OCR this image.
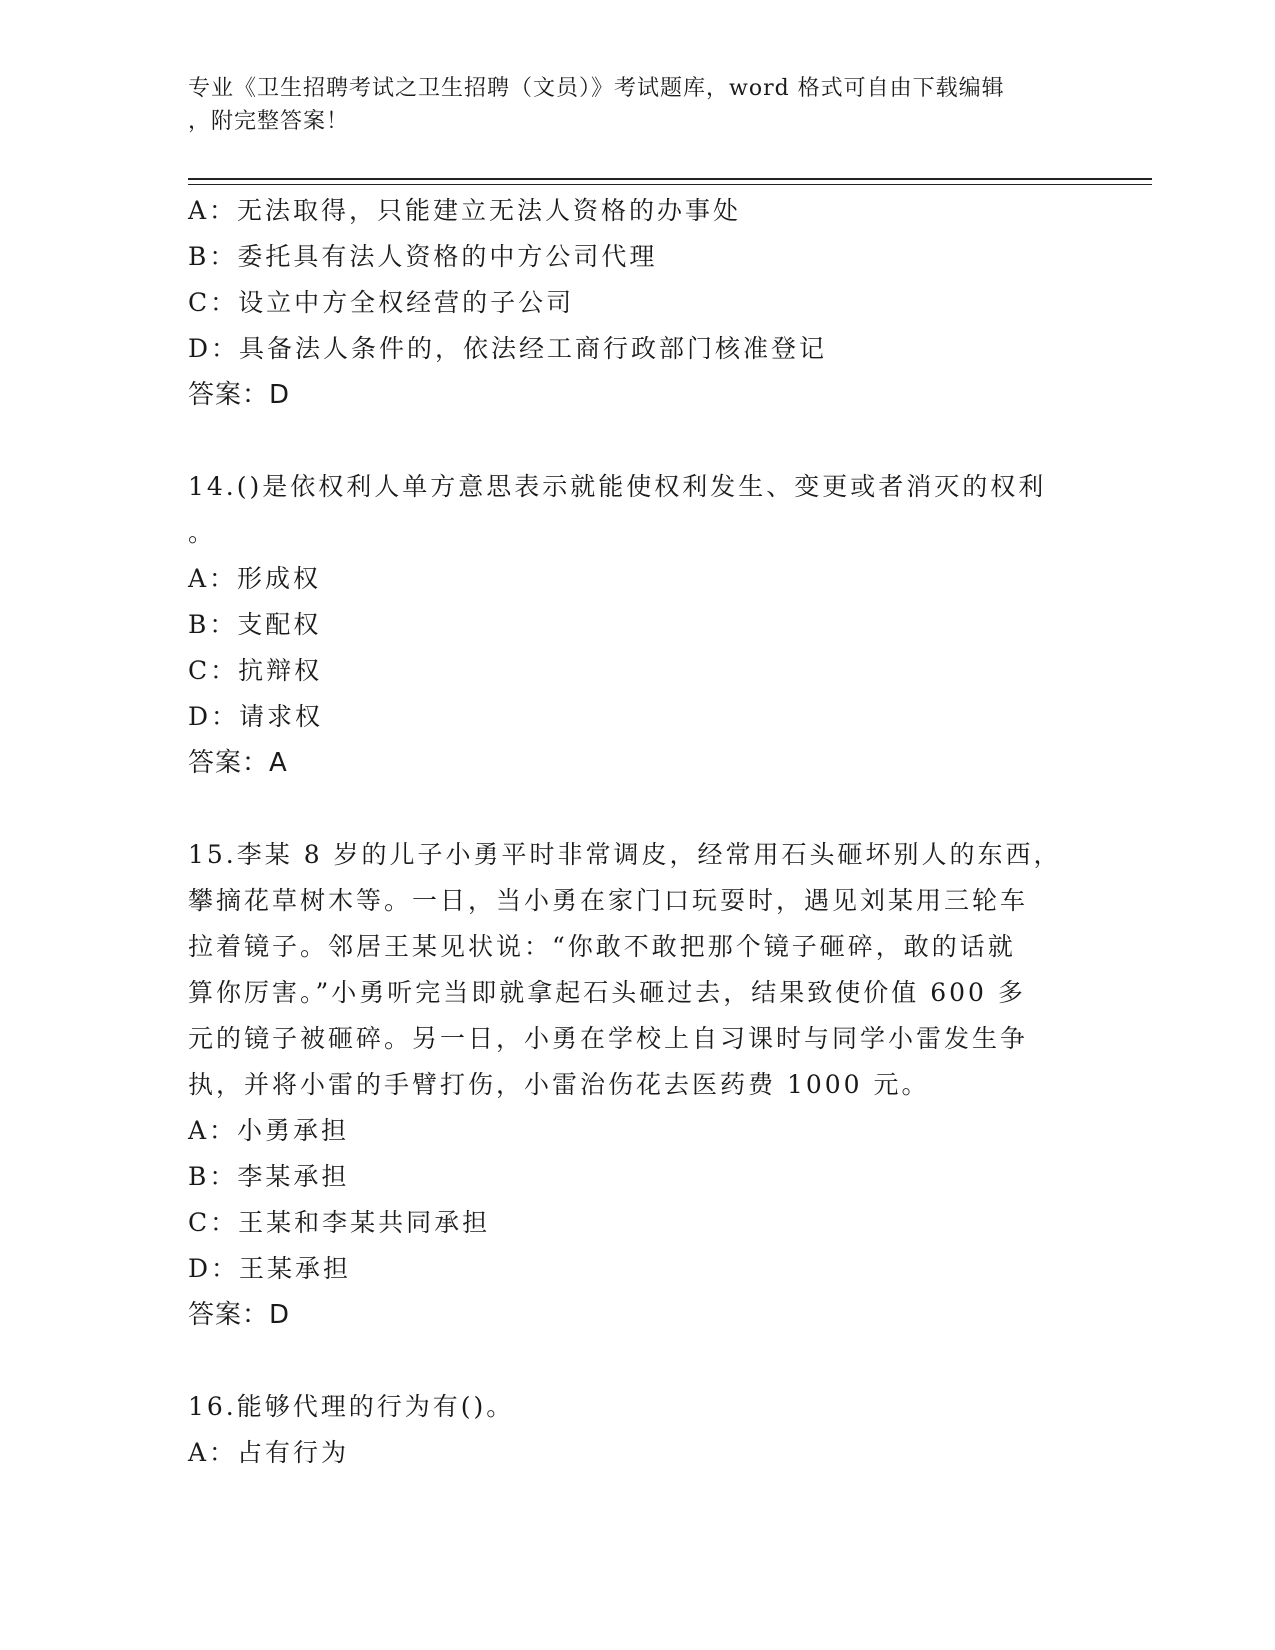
专业《卫生招聘考试之卫生招聘（文员）》考试题库，word 格式可自由下载编辑
，附完整答案！
A：无法取得，只能建立无法人资格的办事处
B：委托具有法人资格的中方公司代理
C：设立中方全权经营的子公司
D：具备法人条件的，依法经工商行政部门核准登记
答案：D
14.()是依权利人单方意思表示就能使权利发生、变更或者消灭的权利
。
A：形成权
B：支配权
C：抗辩权
D：请求权
答案：A
15.李某 8 岁的儿子小勇平时非常调皮，经常用石头砸坏别人的东西，
攀摘花草树木等。一日，当小勇在家门口玩耍时，遇见刘某用三轮车
拉着镜子。邻居王某见状说：“你敢不敢把那个镜子砸碎，敢的话就
算你厉害。”小勇听完当即就拿起石头砸过去，结果致使价值 600 多
元的镜子被砸碎。另一日，小勇在学校上自习课时与同学小雷发生争
执，并将小雷的手臂打伤，小雷治伤花去医药费 1000 元。
A：小勇承担
B：李某承担
C：王某和李某共同承担
D：王某承担
答案：D
16.能够代理的行为有()。
A：占有行为
